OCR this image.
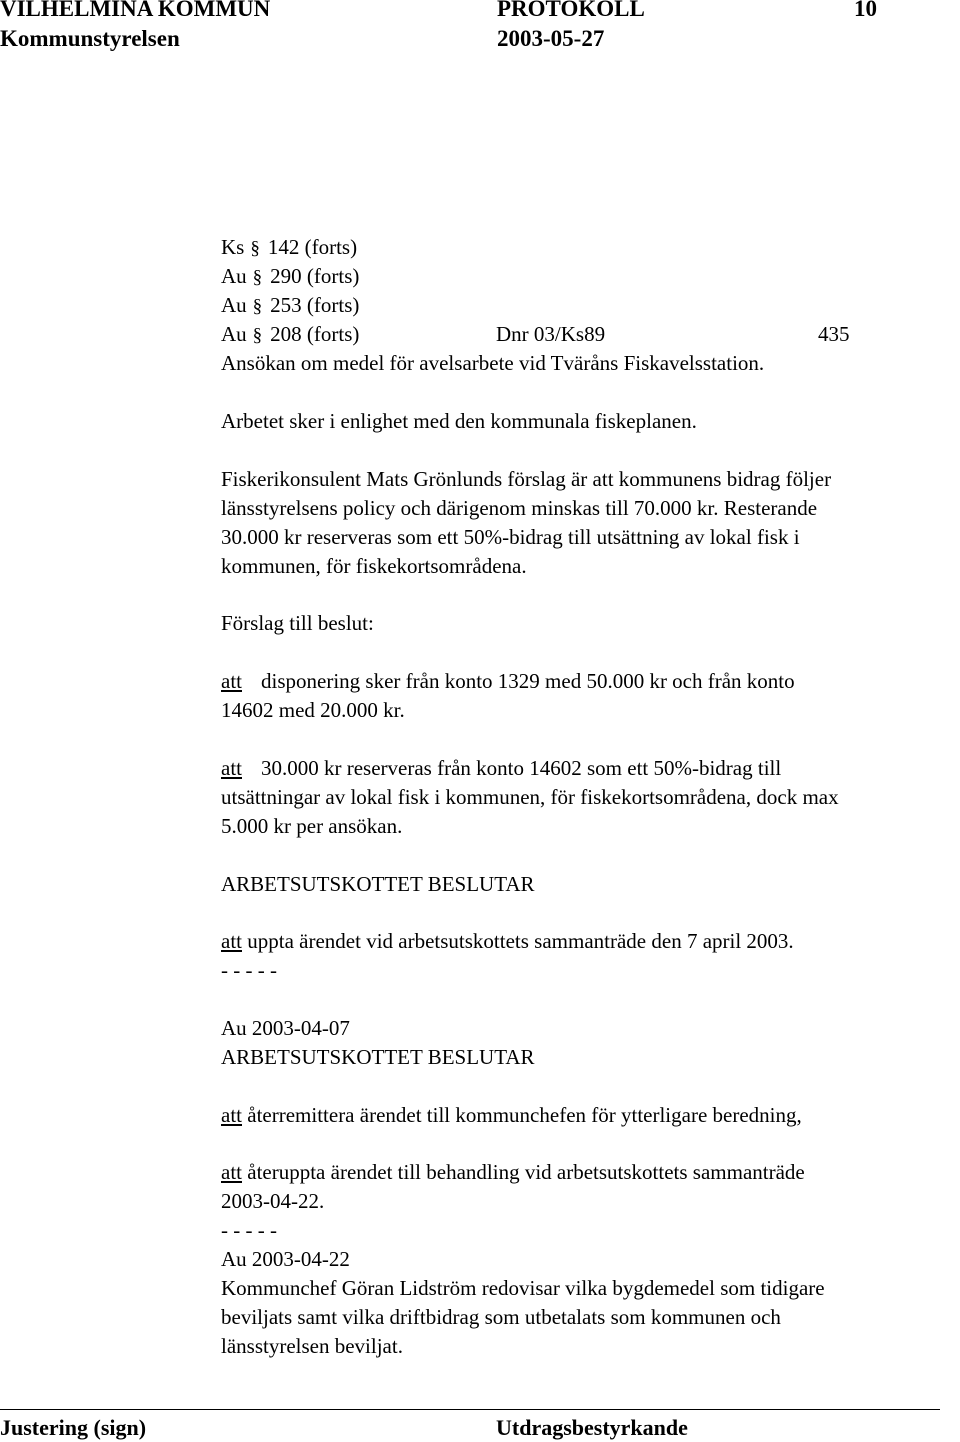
VILHELMINA KOMMUN	PROTOKOLL	10
Kommunstyrelsen	2003-05-27
Ks § 142 (forts)
Au § 290 (forts)
Au § 253 (forts)
Au § 208 (forts)	Dnr 03/Ks89	435
Ansökan om medel för avelsarbete vid Tväråns Fiskavelsstation.
Arbetet sker i enlighet med den kommunala fiskeplanen.
Fiskerikonsulent Mats Grönlunds förslag är att kommunens bidrag följer
länsstyrelsens policy och därigenom minskas till 70.000 kr. Resterande
30.000 kr reserveras som ett 50%-bidrag till utsättning av lokal fisk i
kommunen, för fiskekortsområdena.
Förslag till beslut:
att disponering sker från konto 1329 med 50.000 kr och från konto
14602 med 20.000 kr.
att 30.000 kr reserveras från konto 14602 som ett 50%-bidrag till
utsättningar av lokal fisk i kommunen, för fiskekortsområdena, dock max
5.000 kr per ansökan.
ARBETSUTSKOTTET BESLUTAR
att uppta ärendet vid arbetsutskottets sammanträde den 7 april 2003.
- - - - -
Au 2003-04-07
ARBETSUTSKOTTET BESLUTAR
att återremittera ärendet till kommunchefen för ytterligare beredning,
att återuppta ärendet till behandling vid arbetsutskottets sammanträde
2003-04-22.
- - - - -
Au 2003-04-22
Kommunchef Göran Lidström redovisar vilka bygdemedel som tidigare
beviljats samt vilka driftbidrag som utbetalats som kommunen och
länsstyrelsen beviljat.
Justering (sign)	Utdragsbestyrkande
